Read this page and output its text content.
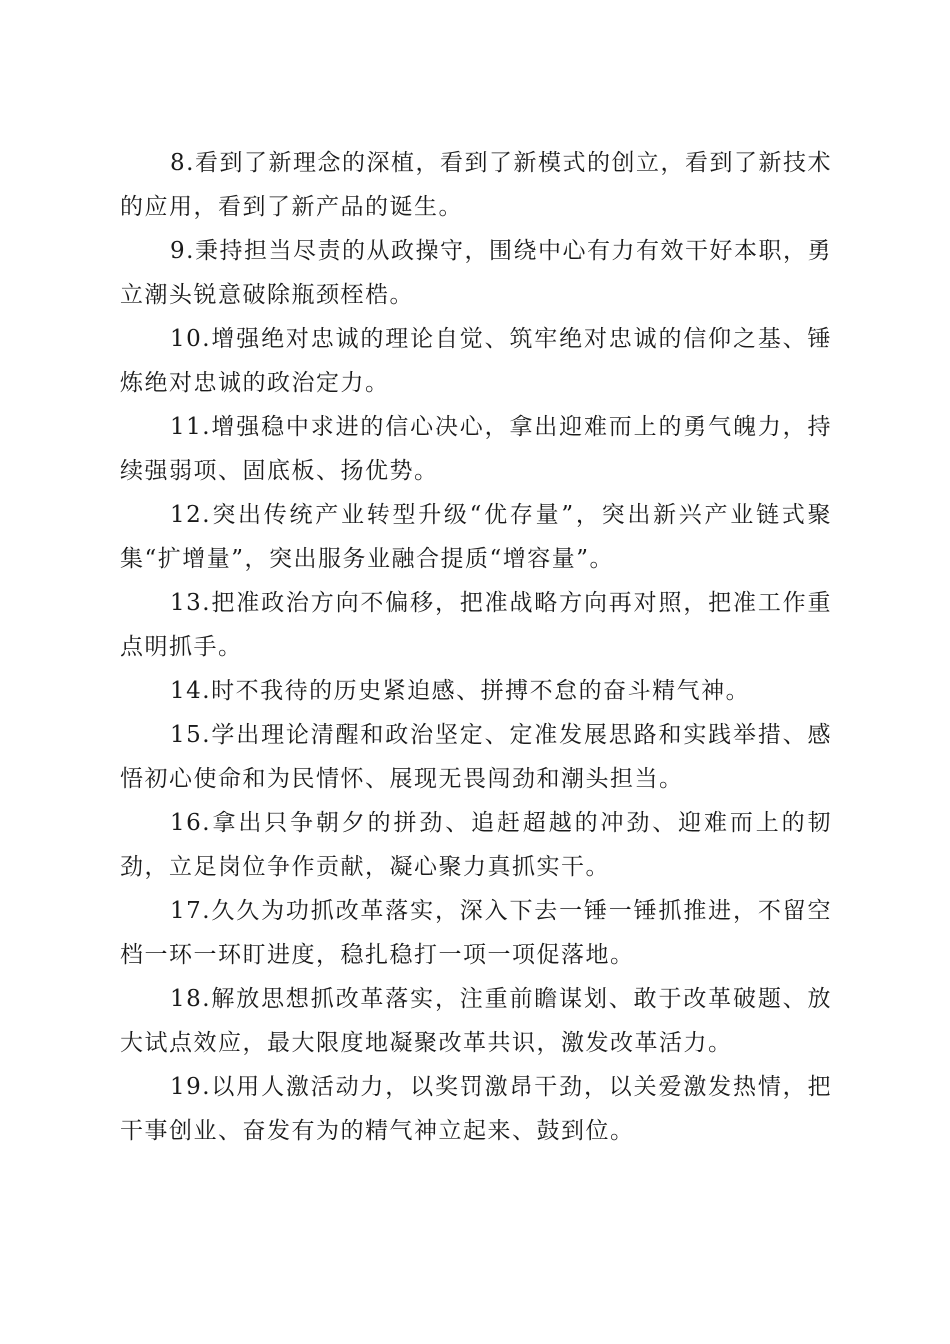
8.看到了新理念的深植，看到了新模式的创立，看到了新技术的应用，看到了新产品的诞生。

9.秉持担当尽责的从政操守，围绕中心有力有效干好本职，勇立潮头锐意破除瓶颈桎梏。

10.增强绝对忠诚的理论自觉、筑牢绝对忠诚的信仰之基、锤炼绝对忠诚的政治定力。

11.增强稳中求进的信心决心，拿出迎难而上的勇气魄力，持续强弱项、固底板、扬优势。

12.突出传统产业转型升级“优存量”，突出新兴产业链式聚集“扩增量”，突出服务业融合提质“增容量”。

13.把准政治方向不偏移，把准战略方向再对照，把准工作重点明抓手。

14.时不我待的历史紧迫感、拼搏不怠的奋斗精气神。

15.学出理论清醒和政治坚定、定准发展思路和实践举措、感悟初心使命和为民情怀、展现无畏闯劲和潮头担当。

16.拿出只争朝夕的拼劲、追赶超越的冲劲、迎难而上的韧劲，立足岗位争作贡献，凝心聚力真抓实干。

17.久久为功抓改革落实，深入下去一锤一锤抓推进，不留空档一环一环盯进度，稳扎稳打一项一项促落地。

18.解放思想抓改革落实，注重前瞻谋划、敢于改革破题、放大试点效应，最大限度地凝聚改革共识，激发改革活力。

19.以用人激活动力，以奖罚激昂干劲，以关爱激发热情，把干事创业、奋发有为的精气神立起来、鼓到位。
